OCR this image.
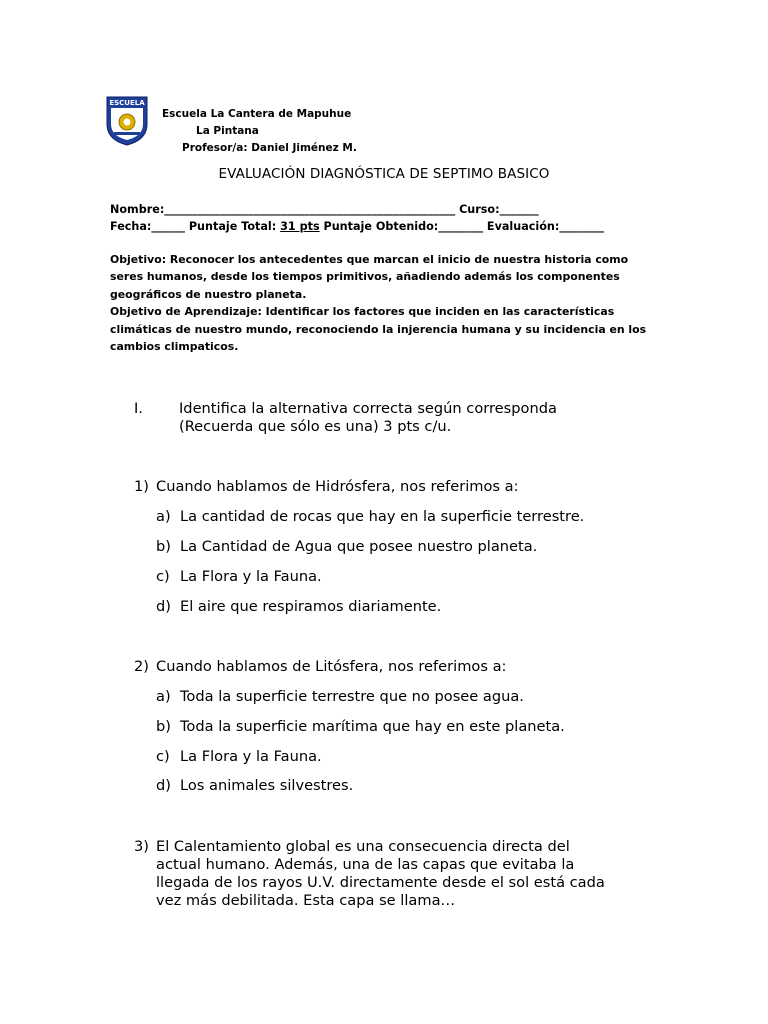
ESCUELA
Escuela La Cantera de Mapuhue
La Pintana
Profesor/a: Daniel Jiménez M.
EVALUACIÓN DIAGNÓSTICA DE SEPTIMO BASICO
Nombre:____________________________________________________ Curso:_______
Fecha:______ Puntaje Total: 31 pts Puntaje Obtenido:________ Evaluación:________
Objetivo: Reconocer los antecedentes que marcan el inicio de nuestra historia como seres humanos, desde los tiempos primitivos, añadiendo además los componentes geográficos de nuestro planeta.
Objetivo de Aprendizaje: Identificar los factores que inciden en las características climáticas de nuestro mundo, reconociendo la injerencia humana y su incidencia en los cambios climpaticos.
I. Identifica la alternativa correcta según corresponda
(Recuerda que sólo es una) 3 pts c/u.
1) Cuando hablamos de Hidrósfera, nos referimos a:
a) La cantidad de rocas que hay en la superficie terrestre.
b) La Cantidad de Agua que posee nuestro planeta.
c) La Flora y la Fauna.
d) El aire que respiramos diariamente.
2) Cuando hablamos de Litósfera, nos referimos a:
a) Toda la superficie terrestre que no posee agua.
b) Toda la superficie marítima que hay en este planeta.
c) La Flora y la Fauna.
d) Los animales silvestres.
3) El Calentamiento global es una consecuencia directa del
actual humano. Además, una de las capas que evitaba la
llegada de los rayos U.V. directamente desde el sol está cada
vez más debilitada. Esta capa se llama…
